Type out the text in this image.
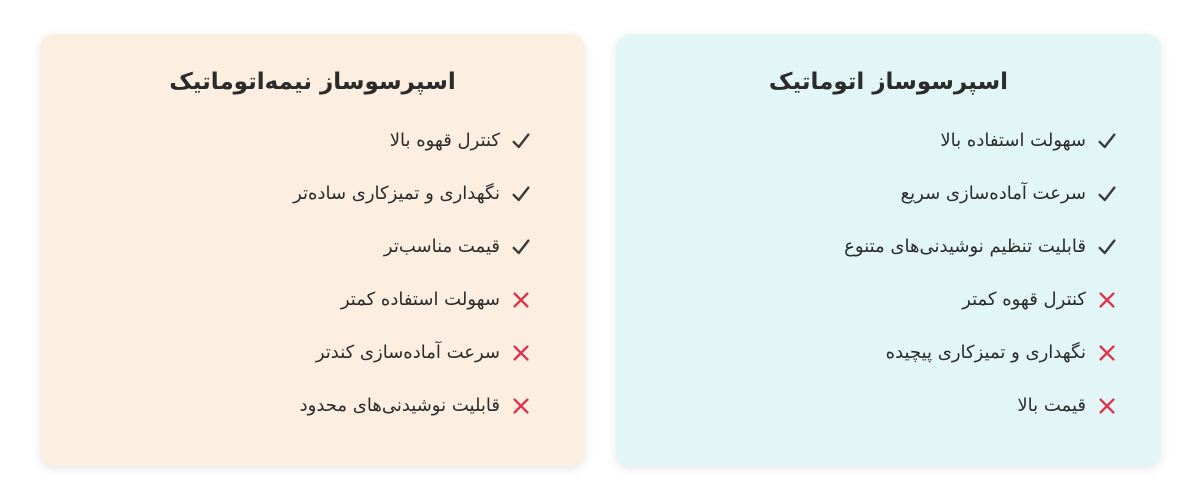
اسپرسوساز اتوماتیک
سهولت استفاده بالا
سرعت آماده‌سازی سریع
قابلیت تنظیم نوشیدنی‌های متنوع
کنترل قهوه کمتر
نگهداری و تمیزکاری پیچیده
قیمت بالا
اسپرسوساز نیمه‌اتوماتیک
کنترل قهوه بالا
نگهداری و تمیزکاری ساده‌تر
قیمت مناسب‌تر
سهولت استفاده کمتر
سرعت آماده‌سازی کندتر
قابلیت نوشیدنی‌های محدود
